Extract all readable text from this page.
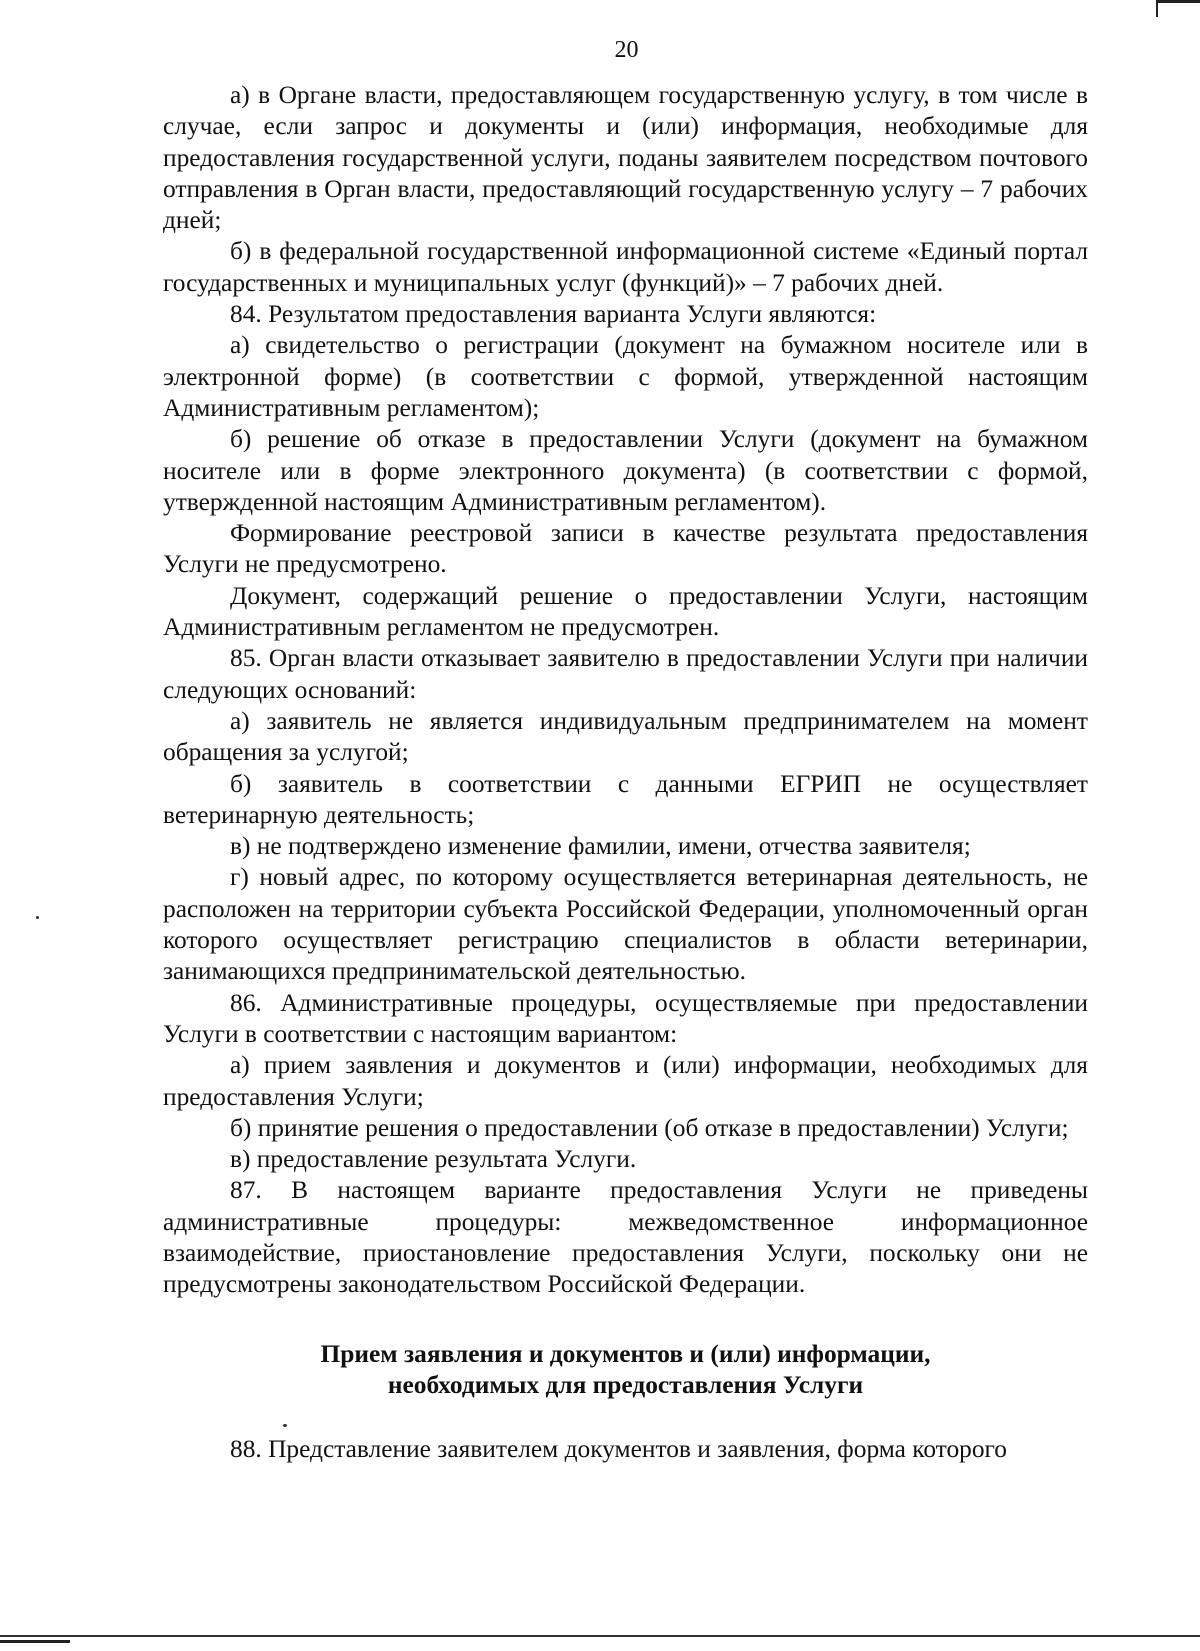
20

а) в Органе власти, предоставляющем государственную услугу, в том числе в случае, если запрос и документы и (или) информация, необходимые для предоставления государственной услуги, поданы заявителем посредством почтового отправления в Орган власти, предоставляющий государственную услугу – 7 рабочих дней;

б) в федеральной государственной информационной системе «Единый портал государственных и муниципальных услуг (функций)» – 7 рабочих дней.

84. Результатом предоставления варианта Услуги являются:

а) свидетельство о регистрации (документ на бумажном носителе или в электронной форме) (в соответствии с формой, утвержденной настоящим Административным регламентом);

б) решение об отказе в предоставлении Услуги (документ на бумажном носителе или в форме электронного документа) (в соответствии с формой, утвержденной настоящим Административным регламентом).

Формирование реестровой записи в качестве результата предоставления Услуги не предусмотрено.

Документ, содержащий решение о предоставлении Услуги, настоящим Административным регламентом не предусмотрен.

85. Орган власти отказывает заявителю в предоставлении Услуги при наличии следующих оснований:

а) заявитель не является индивидуальным предпринимателем на момент обращения за услугой;

б) заявитель в соответствии с данными ЕГРИП не осуществляет ветеринарную деятельность;

в) не подтверждено изменение фамилии, имени, отчества заявителя;

г) новый адрес, по которому осуществляется ветеринарная деятельность, не расположен на территории субъекта Российской Федерации, уполномоченный орган которого осуществляет регистрацию специалистов в области ветеринарии, занимающихся предпринимательской деятельностью.

86. Административные процедуры, осуществляемые при предоставлении Услуги в соответствии с настоящим вариантом:

а) прием заявления и документов и (или) информации, необходимых для предоставления Услуги;

б) принятие решения о предоставлении (об отказе в предоставлении) Услуги;

в) предоставление результата Услуги.

87. В настоящем варианте предоставления Услуги не приведены административные процедуры: межведомственное информационное взаимодействие, приостановление предоставления Услуги, поскольку они не предусмотрены законодательством Российской Федерации.

Прием заявления и документов и (или) информации,
необходимых для предоставления Услуги

88. Представление заявителем документов и заявления, форма которого
